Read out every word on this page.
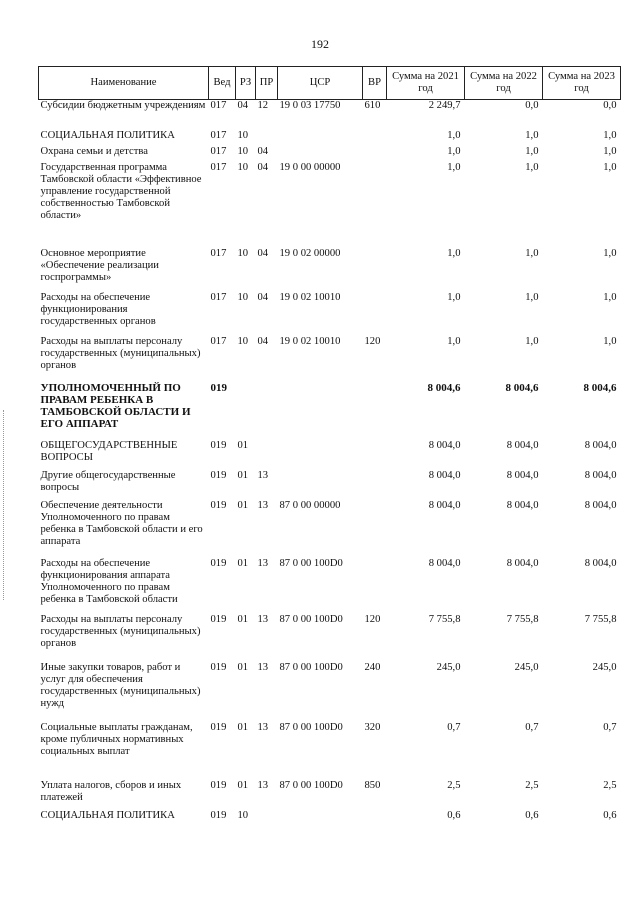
192
Наименование	Вед	РЗ	ПР	ЦСР	ВР	Сумма на 2021 год	Сумма на 2022 год	Сумма на 2023 год
Субсидии бюджетным учреждениям	017	04	12	19 0 03 17750	610	2 249,7	0,0	0,0
СОЦИАЛЬНАЯ ПОЛИТИКА	017	10				1,0	1,0	1,0
Охрана семьи и детства	017	10	04			1,0	1,0	1,0
Государственная программа Тамбовской области «Эффективное управление государственной собственностью Тамбовской области»	017	10	04	19 0 00 00000		1,0	1,0	1,0
Основное мероприятие «Обеспечение реализации госпрограммы»	017	10	04	19 0 02 00000		1,0	1,0	1,0
Расходы на обеспечение функционирования государственных органов	017	10	04	19 0 02 10010		1,0	1,0	1,0
Расходы на выплаты персоналу государственных (муниципальных) органов	017	10	04	19 0 02 10010	120	1,0	1,0	1,0
УПОЛНОМОЧЕННЫЙ ПО ПРАВАМ РЕБЕНКА В ТАМБОВСКОЙ ОБЛАСТИ И ЕГО АППАРАТ	019					8 004,6	8 004,6	8 004,6
ОБЩЕГОСУДАРСТВЕННЫЕ ВОПРОСЫ	019	01				8 004,0	8 004,0	8 004,0
Другие общегосударственные вопросы	019	01	13			8 004,0	8 004,0	8 004,0
Обеспечение деятельности Уполномоченного по правам ребенка в Тамбовской области и его аппарата	019	01	13	87 0 00 00000		8 004,0	8 004,0	8 004,0
Расходы на обеспечение функционирования аппарата Уполномоченного по правам ребенка в Тамбовской области	019	01	13	87 0 00 100D0		8 004,0	8 004,0	8 004,0
Расходы на выплаты персоналу государственных (муниципальных) органов	019	01	13	87 0 00 100D0	120	7 755,8	7 755,8	7 755,8
Иные закупки товаров, работ и услуг для обеспечения государственных (муниципальных) нужд	019	01	13	87 0 00 100D0	240	245,0	245,0	245,0
Социальные выплаты гражданам, кроме публичных нормативных социальных выплат	019	01	13	87 0 00 100D0	320	0,7	0,7	0,7
Уплата налогов, сборов и иных платежей	019	01	13	87 0 00 100D0	850	2,5	2,5	2,5
СОЦИАЛЬНАЯ ПОЛИТИКА	019	10				0,6	0,6	0,6
